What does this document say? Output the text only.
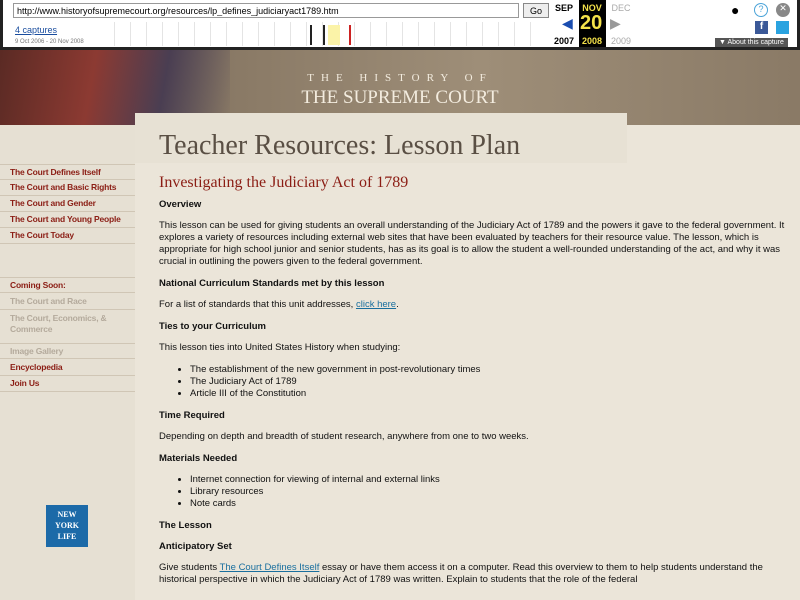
http://www.historyofsupremecourt.org/resources/lp_defines_judiciaryact1789.htm
Go
4 captures
9 Oct 2006 - 20 Nov 2008
SEP
◀
2007
NOV
20
2008
DEC
▶
2009
●	?	✕
f
▼ About this capture
THE HISTORY OF
THE SUPREME COURT
The Court Defines Itself
The Court and Basic Rights
The Court and Gender
The Court and Young People
The Court Today
Coming Soon:
The Court and Race
The Court, Economics, & Commerce
Image Gallery
Encyclopedia
Join Us
NEW
YORK
LIFE
Teacher Resources: Lesson Plan
Investigating the Judiciary Act of 1789
Overview

This lesson can be used for giving students an overall understanding of the Judiciary Act of 1789 and the powers it gave to the federal government. It explores a variety of resources including external web sites that have been evaluated by teachers for their resource value. The lesson, which is appropriate for high school junior and senior students, has as its goal is to allow the student a well-rounded understanding of the act, and why it was crucial in outlining the powers given to the federal government.

National Curriculum Standards met by this lesson

For a list of standards that this unit addresses, click here.

Ties to your Curriculum

This lesson ties into United States History when studying:

• The establishment of the new government in post-revolutionary times
• The Judiciary Act of 1789
• Article III of the Constitution
Time Required

Depending on depth and breadth of student research, anywhere from one to two weeks.

Materials Needed
• Internet connection for viewing of internal and external links
• Library resources
• Note cards
The Lesson
Anticipatory Set

Give students The Court Defines Itself essay or have them access it on a computer. Read this overview to them to help students understand the historical perspective in which the Judiciary Act of 1789 was written. Explain to students that the role of the federal
